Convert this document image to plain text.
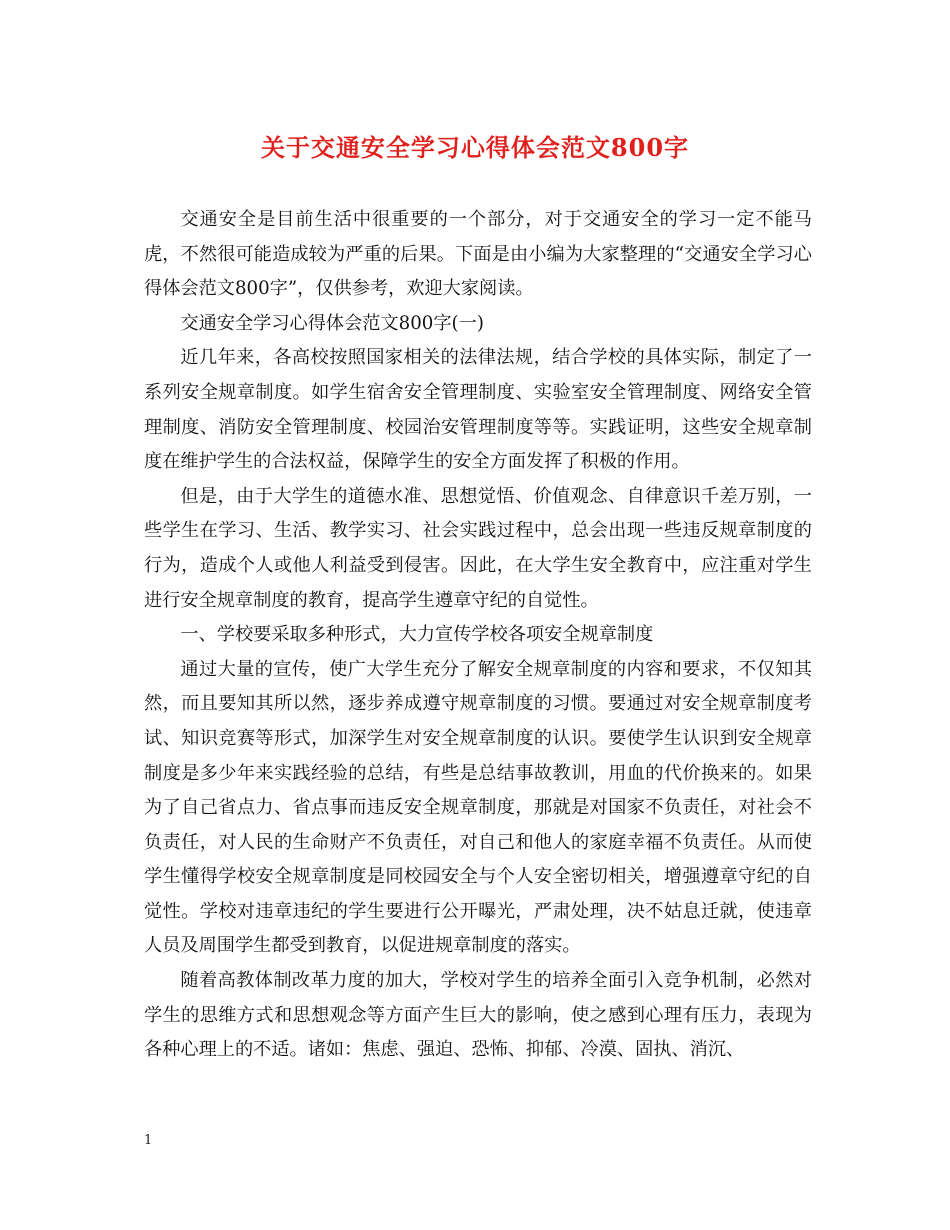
关于交通安全学习心得体会范文800字

交通安全是目前生活中很重要的一个部分，对于交通安全的学习一定不能马虎，不然很可能造成较为严重的后果。下面是由小编为大家整理的“交通安全学习心得体会范文800字”，仅供参考，欢迎大家阅读。

交通安全学习心得体会范文800字(一)

近几年来，各高校按照国家相关的法律法规，结合学校的具体实际，制定了一系列安全规章制度。如学生宿舍安全管理制度、实验室安全管理制度、网络安全管理制度、消防安全管理制度、校园治安管理制度等等。实践证明，这些安全规章制度在维护学生的合法权益，保障学生的安全方面发挥了积极的作用。

但是，由于大学生的道德水准、思想觉悟、价值观念、自律意识千差万别，一些学生在学习、生活、教学实习、社会实践过程中，总会出现一些违反规章制度的行为，造成个人或他人利益受到侵害。因此，在大学生安全教育中，应注重对学生进行安全规章制度的教育，提高学生遵章守纪的自觉性。

一、学校要采取多种形式，大力宣传学校各项安全规章制度

通过大量的宣传，使广大学生充分了解安全规章制度的内容和要求，不仅知其然，而且要知其所以然，逐步养成遵守规章制度的习惯。要通过对安全规章制度考试、知识竞赛等形式，加深学生对安全规章制度的认识。要使学生认识到安全规章制度是多少年来实践经验的总结，有些是总结事故教训，用血的代价换来的。如果为了自己省点力、省点事而违反安全规章制度，那就是对国家不负责任，对社会不负责任，对人民的生命财产不负责任，对自己和他人的家庭幸福不负责任。从而使学生懂得学校安全规章制度是同校园安全与个人安全密切相关，增强遵章守纪的自觉性。学校对违章违纪的学生要进行公开曝光，严肃处理，决不姑息迁就，使违章人员及周围学生都受到教育，以促进规章制度的落实。

随着高教体制改革力度的加大，学校对学生的培养全面引入竞争机制，必然对学生的思维方式和思想观念等方面产生巨大的影响，使之感到心理有压力，表现为各种心理上的不适。诸如：焦虑、强迫、恐怖、抑郁、冷漠、固执、消沉、

1
